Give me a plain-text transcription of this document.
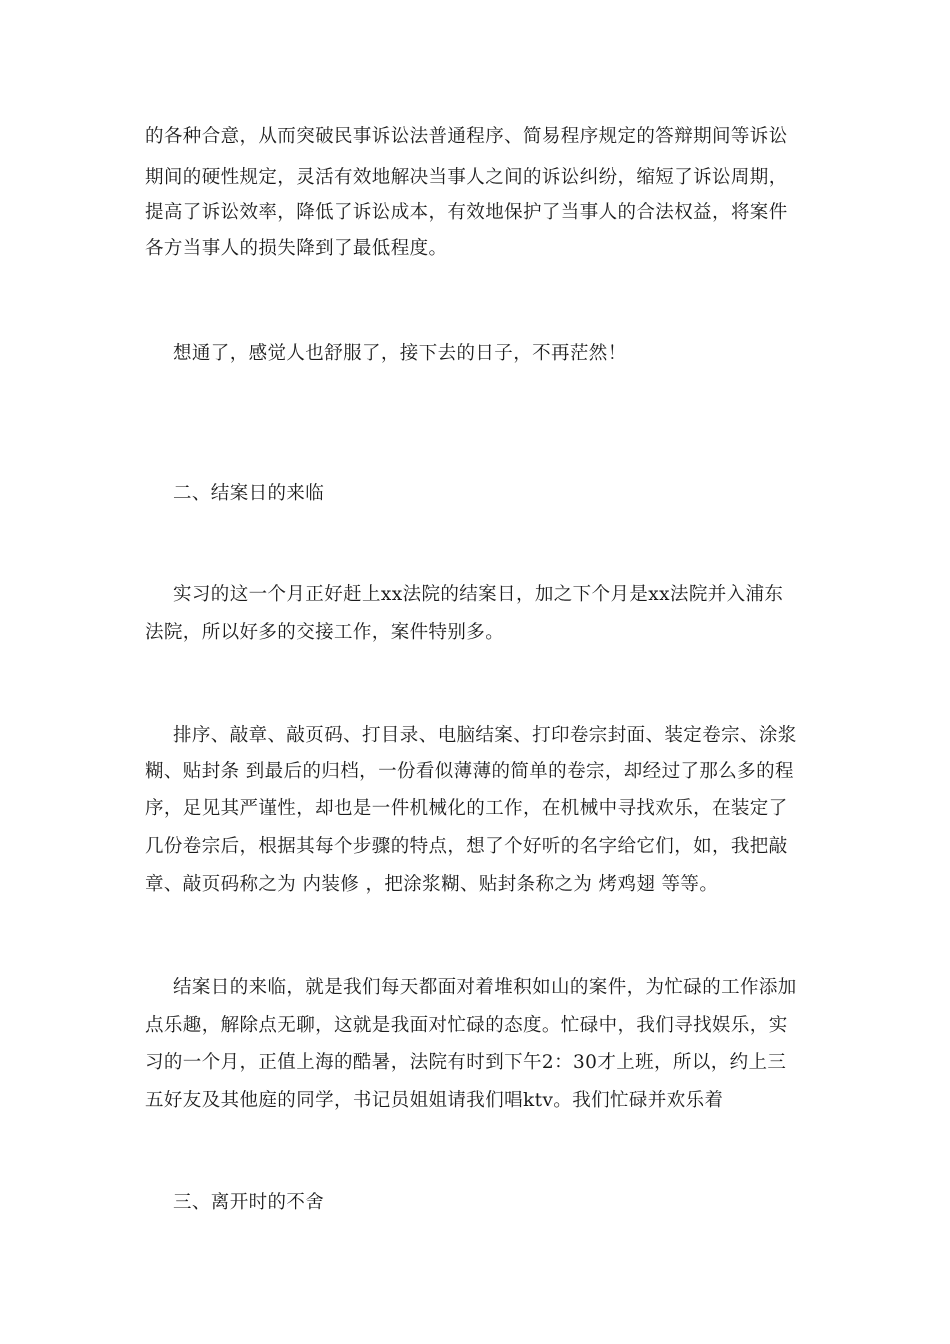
的各种合意，从而突破民事诉讼法普通程序、简易程序规定的答辩期间等诉讼
期间的硬性规定，灵活有效地解决当事人之间的诉讼纠纷，缩短了诉讼周期，
提高了诉讼效率，降低了诉讼成本，有效地保护了当事人的合法权益，将案件
各方当事人的损失降到了最低程度。
想通了，感觉人也舒服了，接下去的日子，不再茫然！
二、结案日的来临
实习的这一个月正好赶上xx法院的结案日，加之下个月是xx法院并入浦东
法院，所以好多的交接工作，案件特别多。
排序、敲章、敲页码、打目录、电脑结案、打印卷宗封面、装定卷宗、涂浆
糊、贴封条 到最后的归档，一份看似薄薄的简单的卷宗，却经过了那么多的程
序，足见其严谨性，却也是一件机械化的工作，在机械中寻找欢乐，在装定了
几份卷宗后，根据其每个步骤的特点，想了个好听的名字给它们，如，我把敲
章、敲页码称之为 内装修 ，把涂浆糊、贴封条称之为 烤鸡翅 等等。
结案日的来临，就是我们每天都面对着堆积如山的案件，为忙碌的工作添加
点乐趣，解除点无聊，这就是我面对忙碌的态度。忙碌中，我们寻找娱乐，实
习的一个月，正值上海的酷暑，法院有时到下午2：30才上班，所以，约上三
五好友及其他庭的同学，书记员姐姐请我们唱ktv。我们忙碌并欢乐着
三、离开时的不舍
